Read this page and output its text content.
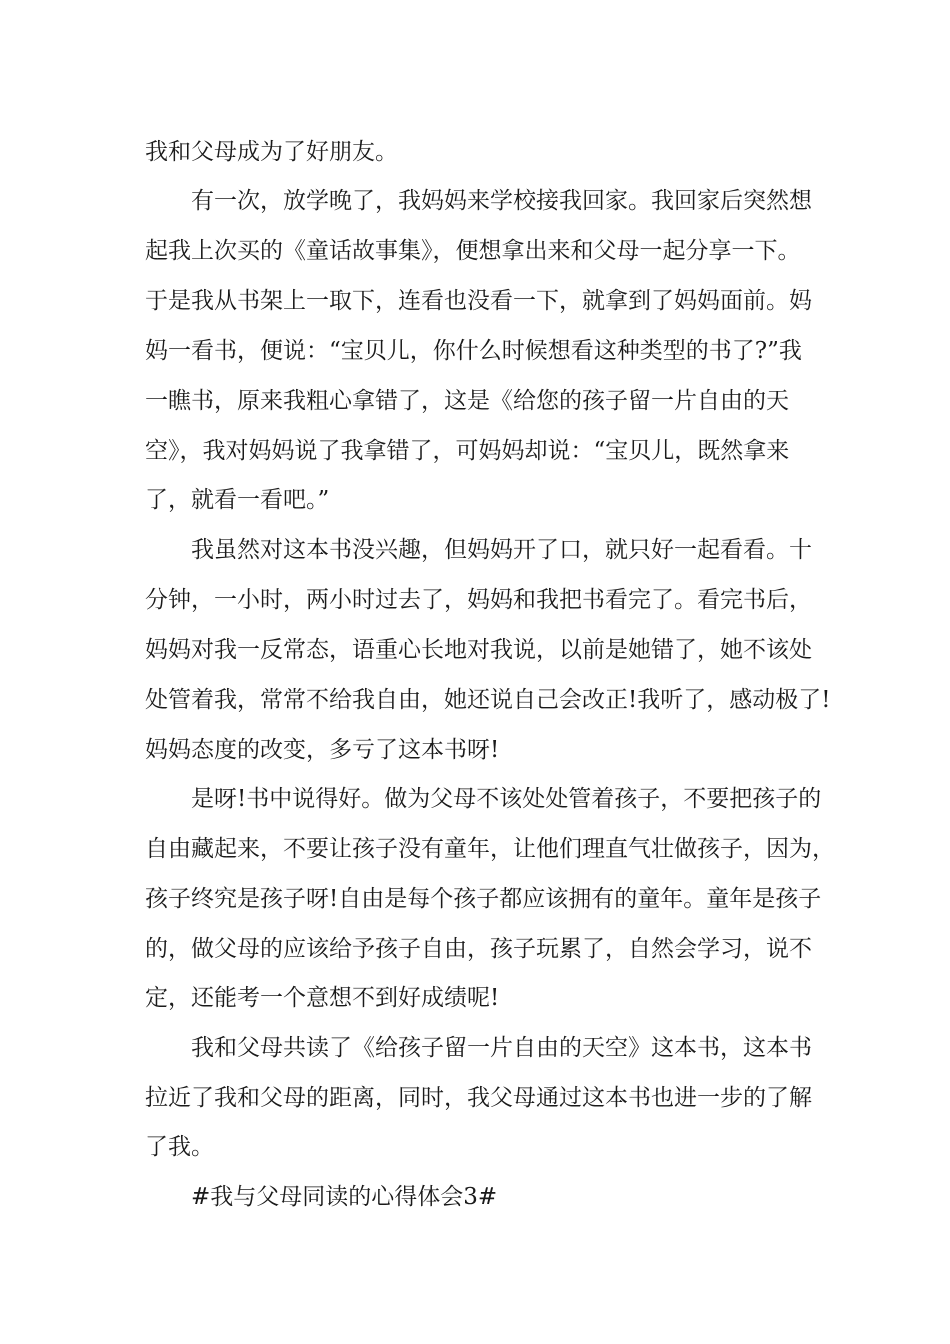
我和父母成为了好朋友。
有一次，放学晚了，我妈妈来学校接我回家。我回家后突然想
起我上次买的《童话故事集》，便想拿出来和父母一起分享一下。
于是我从书架上一取下，连看也没看一下，就拿到了妈妈面前。妈
妈一看书，便说：“宝贝儿，你什么时候想看这种类型的书了?”我
一瞧书，原来我粗心拿错了，这是《给您的孩子留一片自由的天
空》，我对妈妈说了我拿错了，可妈妈却说：“宝贝儿，既然拿来
了，就看一看吧。”
我虽然对这本书没兴趣，但妈妈开了口，就只好一起看看。十
分钟，一小时，两小时过去了，妈妈和我把书看完了。看完书后，
妈妈对我一反常态，语重心长地对我说，以前是她错了，她不该处
处管着我，常常不给我自由，她还说自己会改正!我听了，感动极了!
妈妈态度的改变，多亏了这本书呀!
是呀!书中说得好。做为父母不该处处管着孩子，不要把孩子的
自由藏起来，不要让孩子没有童年，让他们理直气壮做孩子，因为，
孩子终究是孩子呀!自由是每个孩子都应该拥有的童年。童年是孩子
的，做父母的应该给予孩子自由，孩子玩累了，自然会学习，说不
定，还能考一个意想不到好成绩呢!
我和父母共读了《给孩子留一片自由的天空》这本书，这本书
拉近了我和父母的距离，同时，我父母通过这本书也进一步的了解
了我。
#我与父母同读的心得体会3#
